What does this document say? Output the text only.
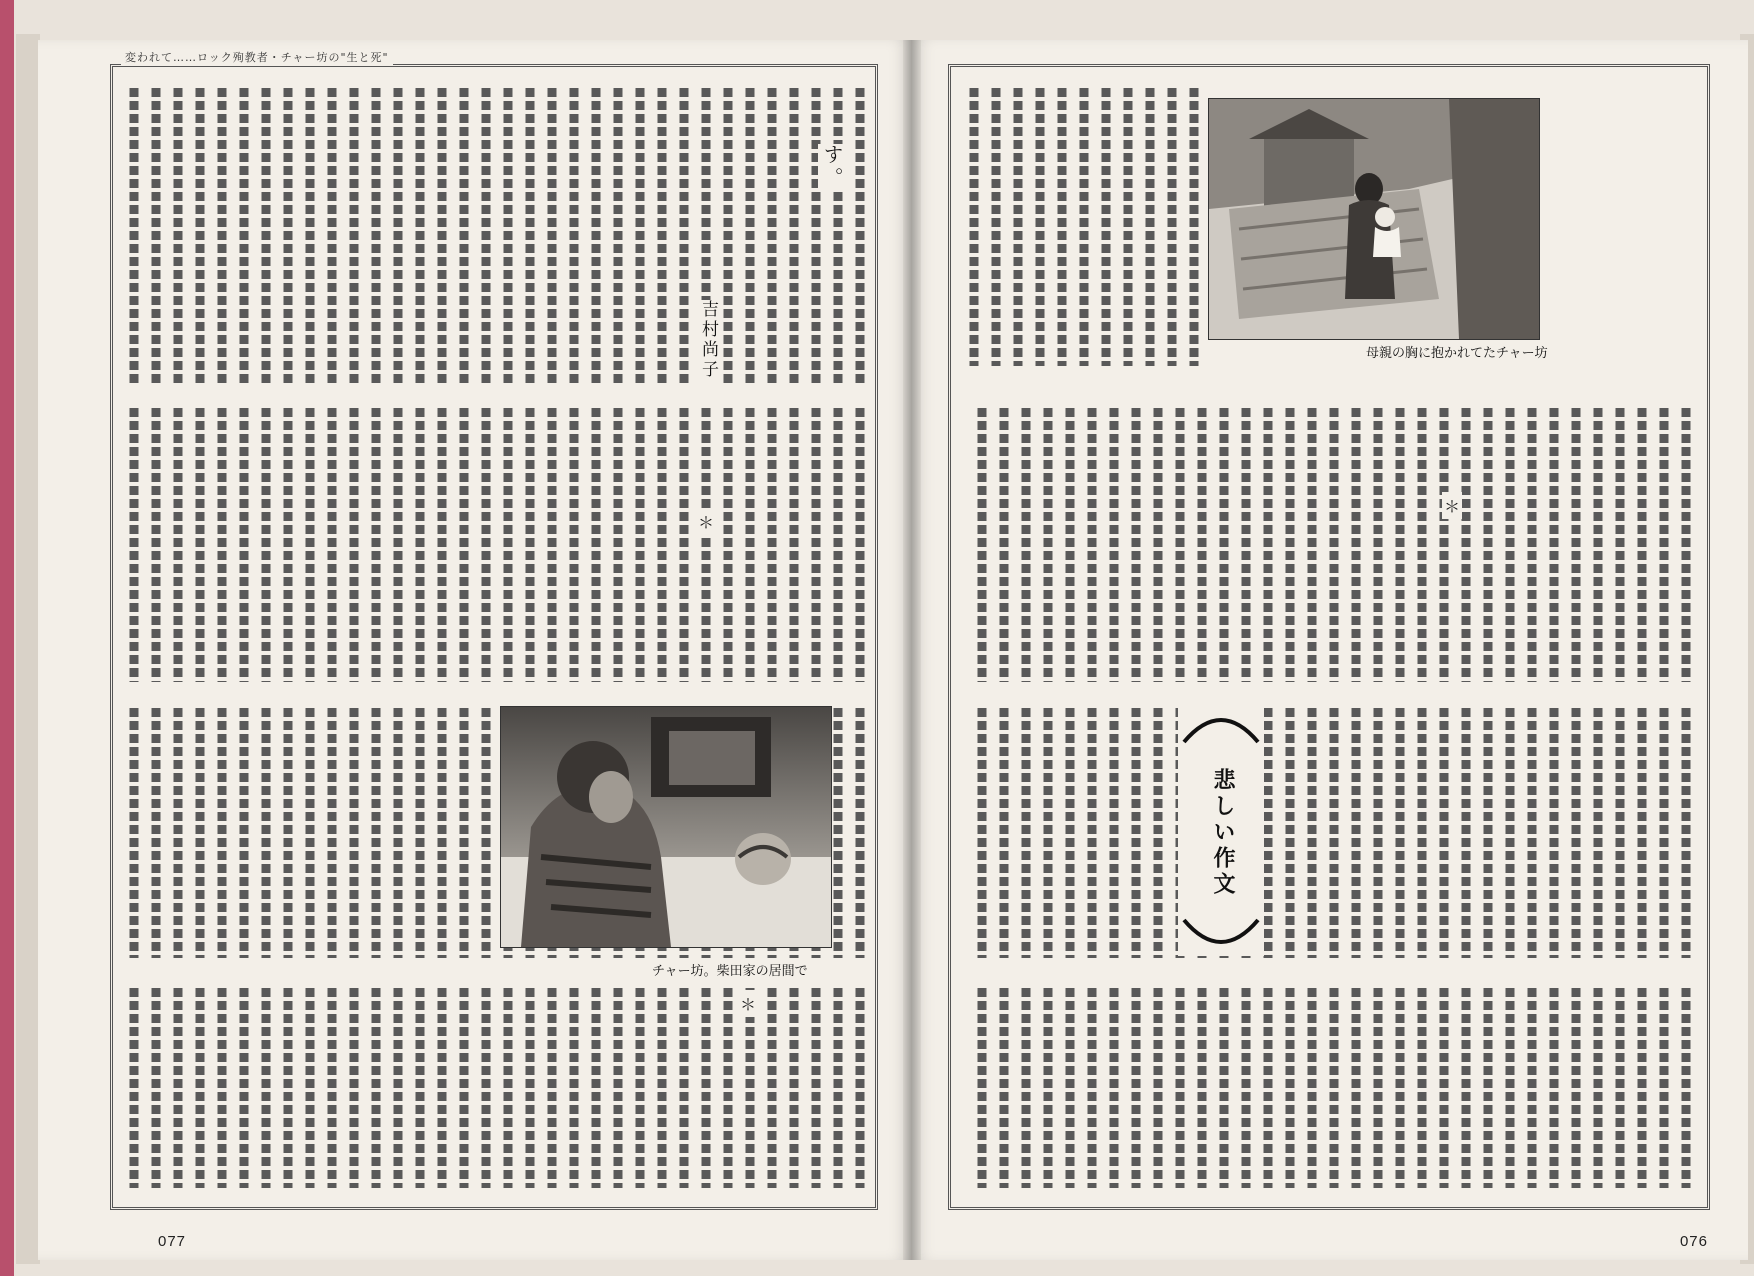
変われて……ロック殉教者・チャー坊の"生と死"
吉村尚子
す。
＊
チャー坊。柴田家の居間で
＊
077
母親の胸に抱かれてたチャー坊
＊
悲しい作文
076
